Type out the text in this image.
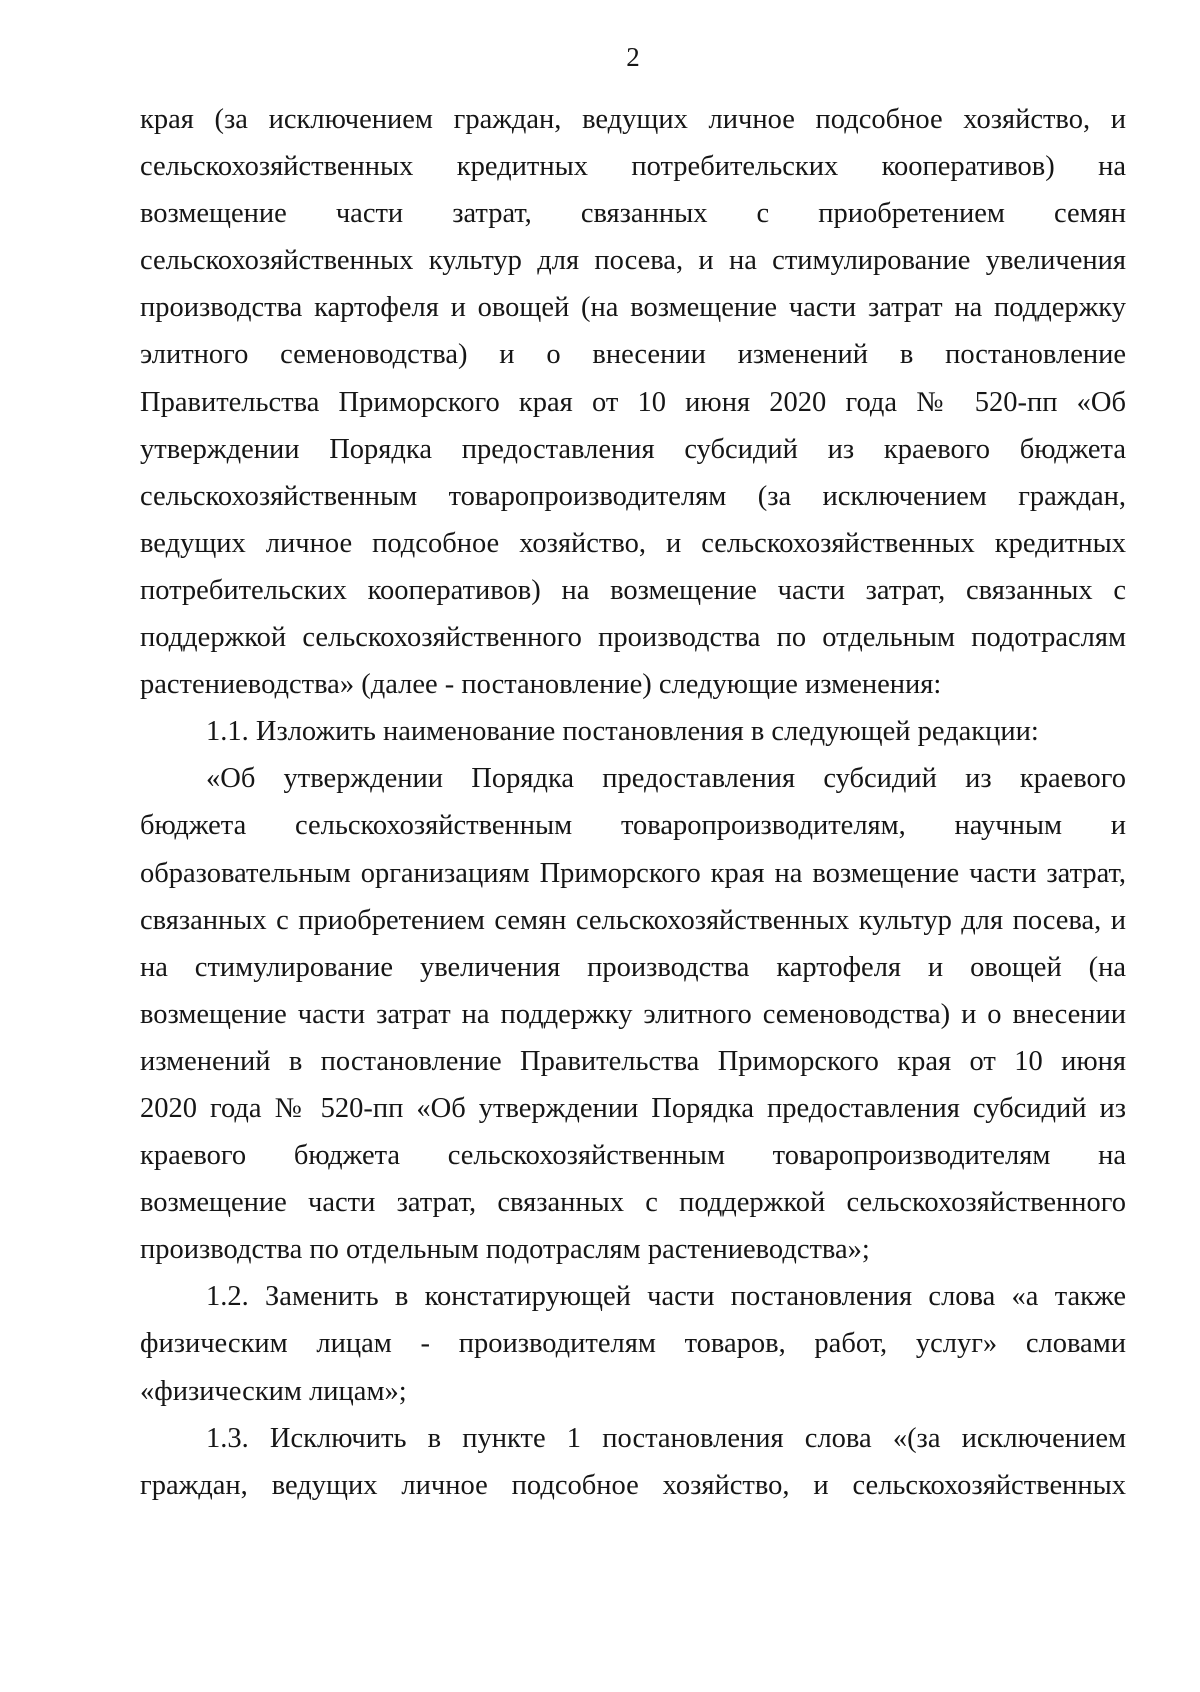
2
края (за исключением граждан, ведущих личное подсобное хозяйство, и
сельскохозяйственных кредитных потребительских кооперативов) на
возмещение части затрат, связанных с приобретением семян
сельскохозяйственных культур для посева, и на стимулирование увеличения
производства картофеля и овощей (на возмещение части затрат на поддержку
элитного семеноводства) и о внесении изменений в постановление
Правительства Приморского края от 10 июня 2020 года № 520-пп «Об
утверждении Порядка предоставления субсидий из краевого бюджета
сельскохозяйственным товаропроизводителям (за исключением граждан,
ведущих личное подсобное хозяйство, и сельскохозяйственных кредитных
потребительских кооперативов) на возмещение части затрат, связанных с
поддержкой сельскохозяйственного производства по отдельным подотраслям
растениеводства» (далее - постановление) следующие изменения:
1.1. Изложить наименование постановления в следующей редакции:
«Об утверждении Порядка предоставления субсидий из краевого
бюджета сельскохозяйственным товаропроизводителям, научным и
образовательным организациям Приморского края на возмещение части затрат,
связанных с приобретением семян сельскохозяйственных культур для посева, и
на стимулирование увеличения производства картофеля и овощей (на
возмещение части затрат на поддержку элитного семеноводства) и о внесении
изменений в постановление Правительства Приморского края от 10 июня
2020 года № 520-пп «Об утверждении Порядка предоставления субсидий из
краевого бюджета сельскохозяйственным товаропроизводителям на
возмещение части затрат, связанных с поддержкой сельскохозяйственного
производства по отдельным подотраслям растениеводства»;
1.2. Заменить в констатирующей части постановления слова «а также
физическим лицам - производителям товаров, работ, услуг» словами
«физическим лицам»;
1.3. Исключить в пункте 1 постановления слова «(за исключением
граждан, ведущих личное подсобное хозяйство, и сельскохозяйственных
